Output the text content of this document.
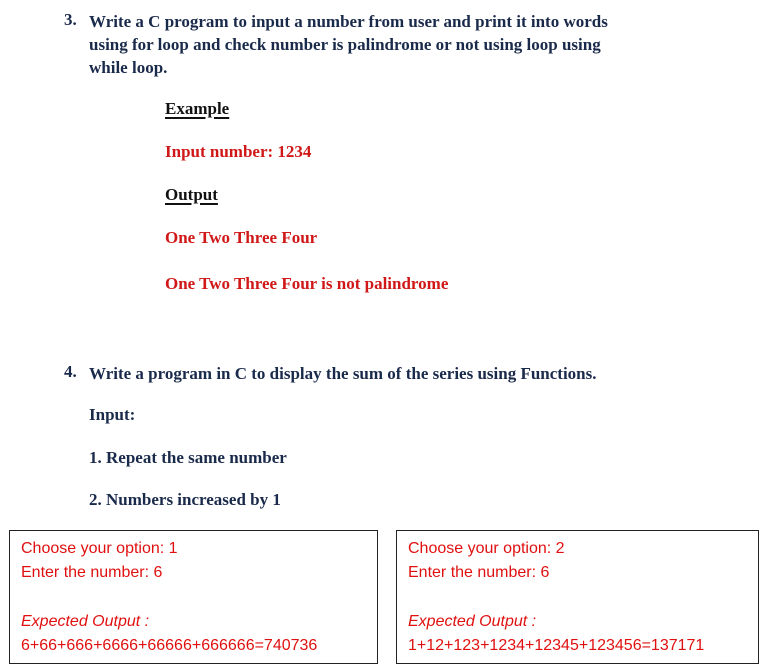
3. Write a C program to input a number from user and print it into words
using for loop and check number is palindrome or not using loop using
while loop.
Example
Input number: 1234
Output
One Two Three Four
One Two Three Four is not palindrome
4. Write a program in C to display the sum of the series using Functions.
Input:
1. Repeat the same number
2. Numbers increased by 1
Choose your option: 1
Enter the number: 6
Expected Output :
6+66+666+6666+66666+666666=740736
Choose your option: 2
Enter the number: 6
Expected Output :
1+12+123+1234+12345+123456=137171
